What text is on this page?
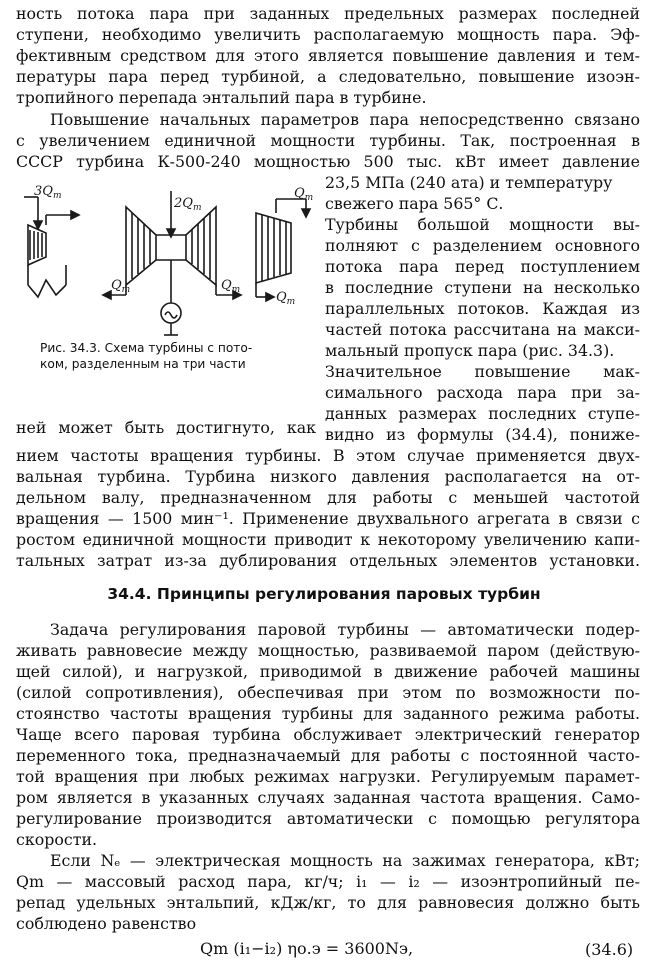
ность потока пара при заданных предельных размерах последней

ступени, необходимо увеличить располагаемую мощность пара. Эф-

фективным средством для этого является повышение давления и тем-

пературы пара перед турбиной, а следовательно, повышение изоэн-

тропийного перепада энтальпий пара в турбине.

Повышение начальных параметров пара непосредственно связано

с увеличением единичной мощности турбины. Так, построенная в

СССР турбина К-500-240 мощностью 500 тыс. кВт имеет давление

23,5 МПа (240 ата) и температуру

свежего пара 565° С.

$3Q_m$	$2Q_m$
$Q_m$
$Q_m$	$Q_m$	$Q_m$

Рис. 34.3. Схема турбины с пото-

ком, разделенным на три части

Турбины большой мощности вы-

полняют с разделением основного

потока пара перед поступлением

в последние ступени на несколько

параллельных потоков. Каждая из

частей потока рассчитана на макси-

мальный пропуск пара (рис. 34.3).

Значительное повышение мак-

симального расхода пара при за-

данных размерах последних ступе-

ней может быть достигнуто, как видно из формулы (34.4), пониже-

нием частоты вращения турбины. В этом случае применяется двух-

вальная турбина. Турбина низкого давления располагается на от-

дельном валу, предназначенном для работы с меньшей частотой

вращения — 1500 мин⁻¹. Применение двухвального агрегата в связи с

ростом единичной мощности приводит к некоторому увеличению капи-

тальных затрат из-за дублирования отдельных элементов установки.

34.4. Принципы регулирования паровых турбин

Задача регулирования паровой турбины — автоматически подер-

живать равновесие между мощностью, развиваемой паром (действую-

щей силой), и нагрузкой, приводимой в движение рабочей машины

(силой сопротивления), обеспечивая при этом по возможности по-

стоянство частоты вращения турбины для заданного режима работы.

Чаще всего паровая турбина обслуживает электрический генератор

переменного тока, предназначаемый для работы с постоянной часто-

той вращения при любых режимах нагрузки. Регулируемым парамет-

ром является в указанных случаях заданная частота вращения. Само-

регулирование производится автоматически с помощью регулятора

скорости.

Если Nₑ — электрическая мощность на зажимах генератора, кВт;

Qm — массовый расход пара, кг/ч; i₁ — i₂ — изоэнтропийный пе-

репад удельных энтальпий, кДж/кг, то для равновесия должно быть

соблюдено равенство

Qm (i₁−i₂) ηо.э = 3600Nэ,	(34.6)
